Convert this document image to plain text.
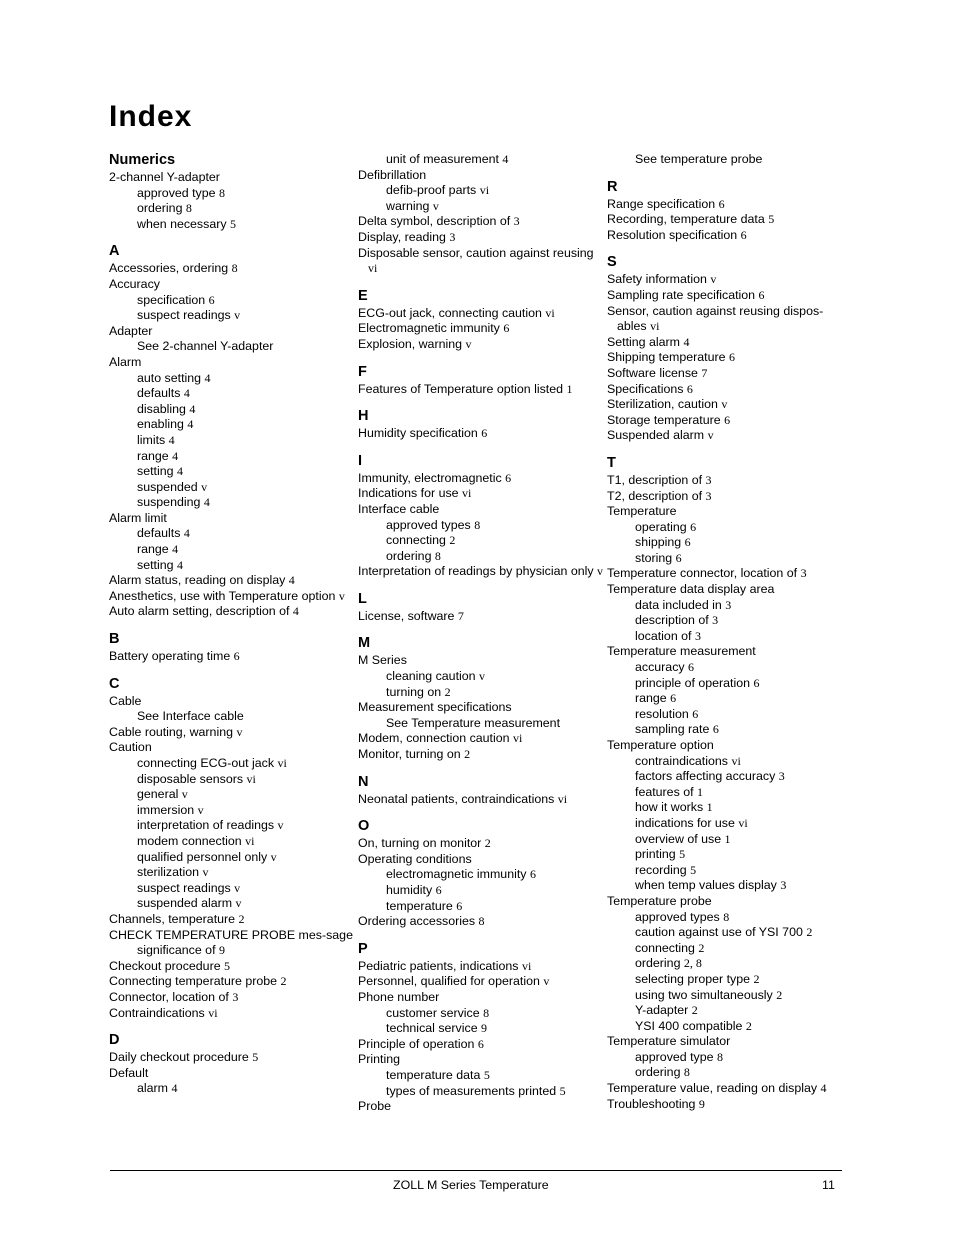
Index
Numerics
2-channel Y-adapter
approved type 8
ordering 8
when necessary 5
A
Accessories, ordering 8
Accuracy
specification 6
suspect readings v
Adapter
See 2-channel Y-adapter
Alarm
auto setting 4
defaults 4
disabling 4
enabling 4
limits 4
range 4
setting 4
suspended v
suspending 4
Alarm limit
defaults 4
range 4
setting 4
Alarm status, reading on display 4
Anesthetics, use with Temperature option v
Auto alarm setting, description of 4
B
Battery operating time 6
C
Cable
See Interface cable
Cable routing, warning v
Caution
connecting ECG-out jack vi
disposable sensors vi
general v
immersion v
interpretation of readings v
modem connection vi
qualified personnel only v
sterilization v
suspect readings v
suspended alarm v
Channels, temperature 2
CHECK TEMPERATURE PROBE mes-sage
significance of 9
Checkout procedure 5
Connecting temperature probe 2
Connector, location of 3
Contraindications vi
D
Daily checkout procedure 5
Default
alarm 4
unit of measurement 4
Defibrillation
defib-proof parts vi
warning v
Delta symbol, description of 3
Display, reading 3
Disposable sensor, caution against reusing vi
E
ECG-out jack, connecting caution vi
Electromagnetic immunity 6
Explosion, warning v
F
Features of Temperature option listed 1
H
Humidity specification 6
I
Immunity, electromagnetic 6
Indications for use vi
Interface cable
approved types 8
connecting 2
ordering 8
Interpretation of readings by physician only v
L
License, software 7
M
M Series
cleaning caution v
turning on 2
Measurement specifications
See Temperature measurement
Modem, connection caution vi
Monitor, turning on 2
N
Neonatal patients, contraindications vi
O
On, turning on monitor 2
Operating conditions
electromagnetic immunity 6
humidity 6
temperature 6
Ordering accessories 8
P
Pediatric patients, indications vi
Personnel, qualified for operation v
Phone number
customer service 8
technical service 9
Principle of operation 6
Printing
temperature data 5
types of measurements printed 5
Probe
See temperature probe
R
Range specification 6
Recording, temperature data 5
Resolution specification 6
S
Safety information v
Sampling rate specification 6
Sensor, caution against reusing dispos-ables vi
Setting alarm 4
Shipping temperature 6
Software license 7
Specifications 6
Sterilization, caution v
Storage temperature 6
Suspended alarm v
T
T1, description of 3
T2, description of 3
Temperature
operating 6
shipping 6
storing 6
Temperature connector, location of 3
Temperature data display area
data included in 3
description of 3
location of 3
Temperature measurement
accuracy 6
principle of operation 6
range 6
resolution 6
sampling rate 6
Temperature option
contraindications vi
factors affecting accuracy 3
features of 1
how it works 1
indications for use vi
overview of use 1
printing 5
recording 5
when temp values display 3
Temperature probe
approved types 8
caution against use of YSI 700 2
connecting 2
ordering 2, 8
selecting proper type 2
using two simultaneously 2
Y-adapter 2
YSI 400 compatible 2
Temperature simulator
approved type 8
ordering 8
Temperature value, reading on display 4
Troubleshooting 9
ZOLL M Series Temperature	11
